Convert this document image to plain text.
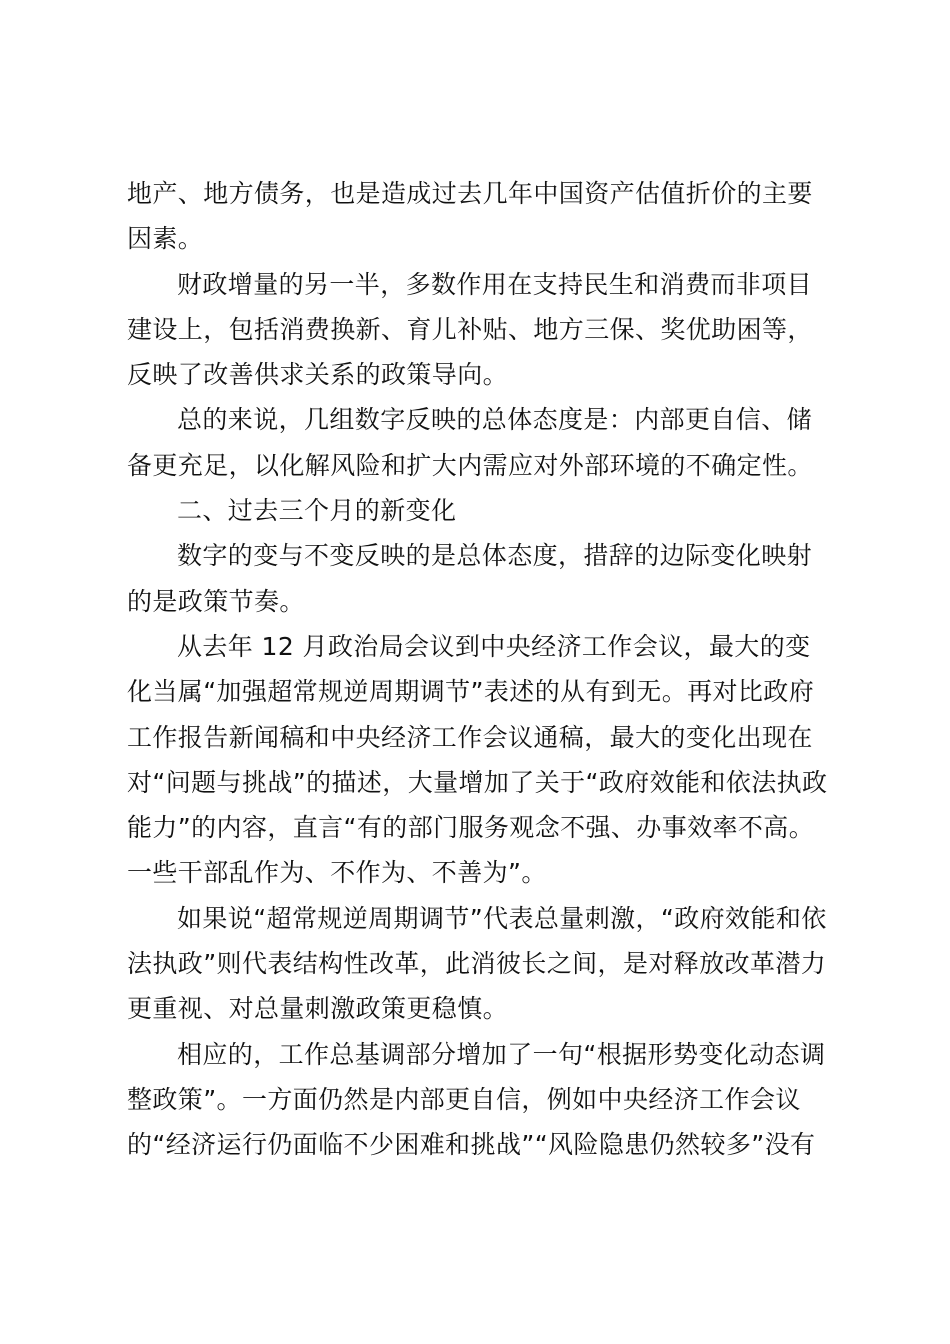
地产、地方债务，也是造成过去几年中国资产估值折价的主要
因素。
财政增量的另一半，多数作用在支持民生和消费而非项目
建设上，包括消费换新、育儿补贴、地方三保、奖优助困等，
反映了改善供求关系的政策导向。
总的来说，几组数字反映的总体态度是：内部更自信、储
备更充足，以化解风险和扩大内需应对外部环境的不确定性。
二、过去三个月的新变化
数字的变与不变反映的是总体态度，措辞的边际变化映射
的是政策节奏。
从去年 12 月政治局会议到中央经济工作会议，最大的变
化当属“加强超常规逆周期调节”表述的从有到无。再对比政府
工作报告新闻稿和中央经济工作会议通稿，最大的变化出现在
对“问题与挑战”的描述，大量增加了关于“政府效能和依法执政
能力”的内容，直言“有的部门服务观念不强、办事效率不高。
一些干部乱作为、不作为、不善为”。
如果说“超常规逆周期调节”代表总量刺激，“政府效能和依
法执政”则代表结构性改革，此消彼长之间，是对释放改革潜力
更重视、对总量刺激政策更稳慎。
相应的，工作总基调部分增加了一句“根据形势变化动态调
整政策”。一方面仍然是内部更自信，例如中央经济工作会议
的“经济运行仍面临不少困难和挑战”“风险隐患仍然较多”没有
